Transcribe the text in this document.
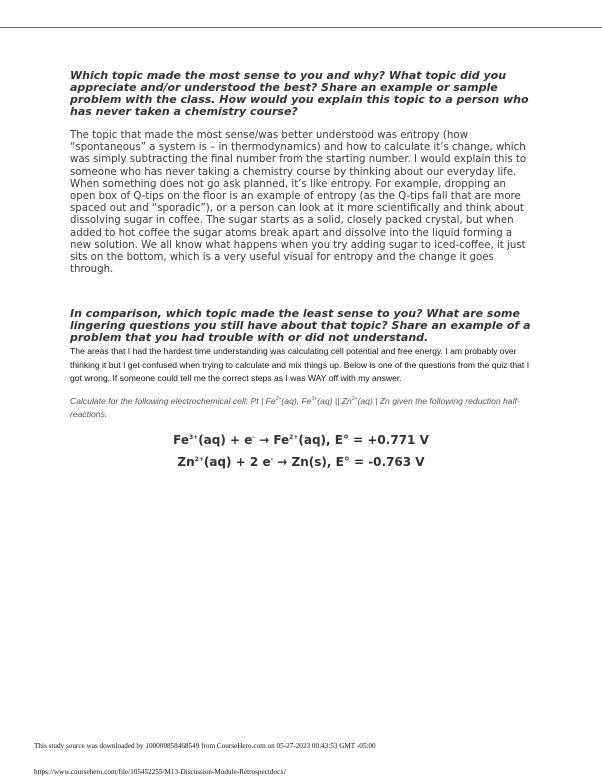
Which topic made the most sense to you and why? What topic did you appreciate and/or understood the best? Share an example or sample problem with the class. How would you explain this topic to a person who has never taken a chemistry course?

The topic that made the most sense/was better understood was entropy (how “spontaneous” a system is – in thermodynamics) and how to calculate it’s change, which was simply subtracting the final number from the starting number. I would explain this to someone who has never taking a chemistry course by thinking about our everyday life. When something does not go ask planned, it’s like entropy. For example, dropping an open box of Q-tips on the floor is an example of entropy (as the Q-tips fall that are more spaced out and “sporadic”), or a person can look at it more scientifically and think about dissolving sugar in coffee. The sugar starts as a solid, closely packed crystal, but when added to hot coffee the sugar atoms break apart and dissolve into the liquid forming a new solution. We all know what happens when you try adding sugar to iced-coffee, it just sits on the bottom, which is a very useful visual for entropy and the change it goes through.

In comparison, which topic made the least sense to you? What are some lingering questions you still have about that topic? Share an example of a problem that you had trouble with or did not understand.

The areas that I had the hardest time understanding was calculating cell potential and free energy. I am probably over thinking it but I get confused when trying to calculate and mix things up. Below is one of the questions from the quiz that I got wrong. If someone could tell me the correct steps as I was WAY off with my answer.

Calculate for the following electrochemical cell: Pt | $Fe^{2+}(aq)$, $Fe^{3+}(aq)$ || $Zn^{2+}(aq)$ | Zn given the following reduction half-reactions.

$Fe^{3+}(aq) + e^- \to Fe^{2+}(aq)$, E° = +0.771 V

$Zn^{2+}(aq) + 2$ e- → Zn(s), E° = -0.763 V

This study source was downloaded by 100000858468549 from CourseHero.com on 05-27-2023 00:43:53 GMT -05:00
https://www.coursehero.com/file/105452255/M13-Discussion-Module-Retrospectdocx/
